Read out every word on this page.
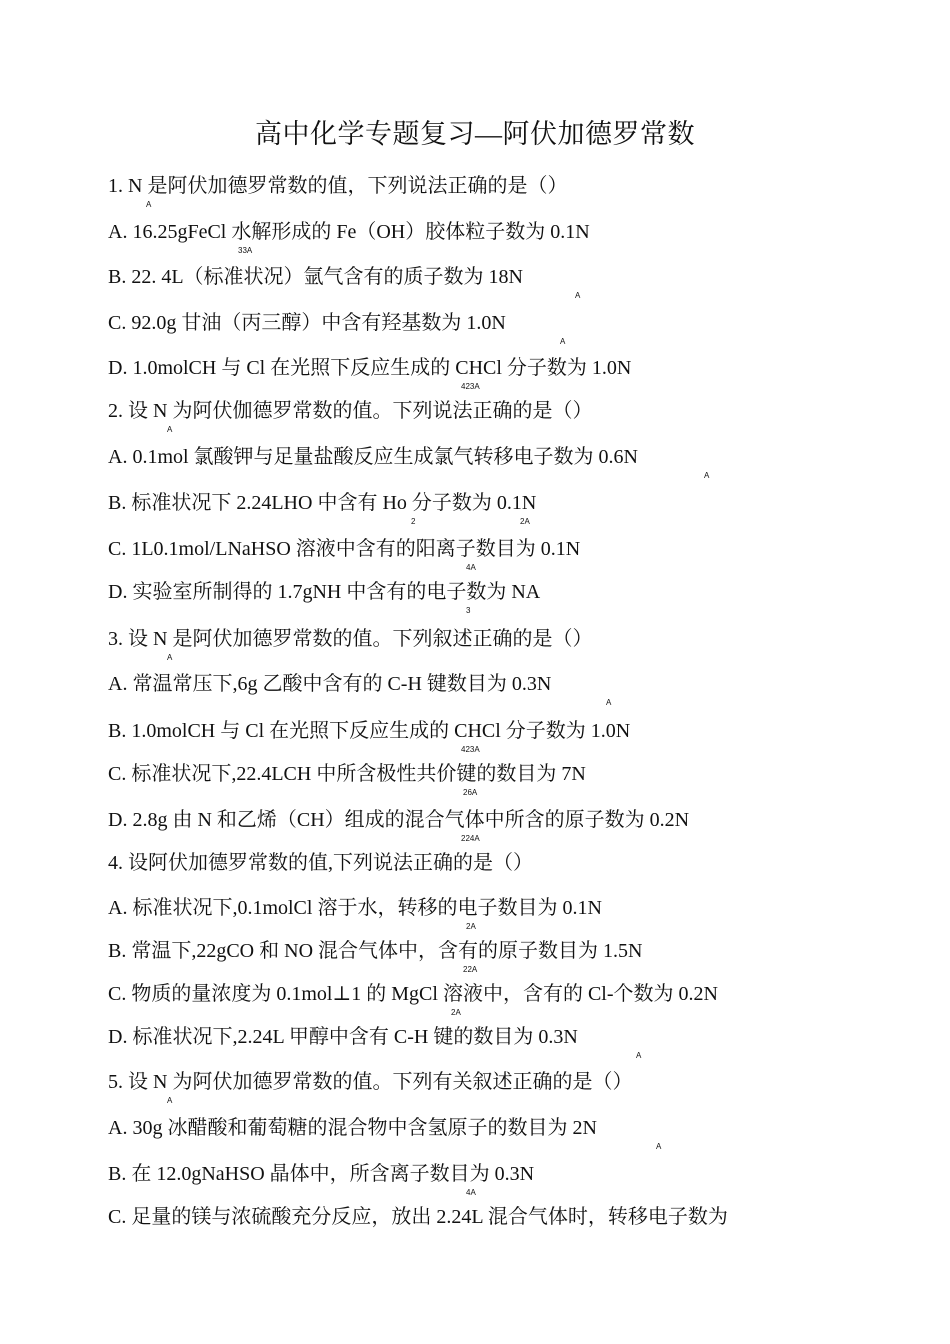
高中化学专题复习—阿伏加德罗常数
1. N 是阿伏加德罗常数的值，下列说法正确的是（）
A
A. 16.25gFeCl 水解形成的 Fe（OH）胶体粒子数为 0.1N
33A
B. 22. 4L（标准状况）氩气含有的质子数为 18N
A
C. 92.0g 甘油（丙三醇）中含有羟基数为 1.0N
A
D. 1.0molCH 与 Cl 在光照下反应生成的 CHCl 分子数为 1.0N
423A
2. 设 N 为阿伏伽德罗常数的值。下列说法正确的是（）
A
A. 0.1mol 氯酸钾与足量盐酸反应生成氯气转移电子数为 0.6N
A
B. 标准状况下 2.24LHO 中含有 Ho 分子数为 0.1N
2	2A
C. 1L0.1mol/LNaHSO 溶液中含有的阳离子数目为 0.1N
4A
D. 实验室所制得的 1.7gNH 中含有的电子数为 NA
3
3. 设 N 是阿伏加德罗常数的值。下列叙述正确的是（）
A
A. 常温常压下,6g 乙酸中含有的 C-H 键数目为 0.3N
A
B. 1.0molCH 与 Cl 在光照下反应生成的 CHCl 分子数为 1.0N
423A
C. 标准状况下,22.4LCH 中所含极性共价键的数目为 7N
26A
D. 2.8g 由 N 和乙烯（CH）组成的混合气体中所含的原子数为 0.2N
224A
4. 设阿伏加德罗常数的值,下列说法正确的是（）
A. 标准状况下,0.1molCl 溶于水，转移的电子数目为 0.1N
2A
B. 常温下,22gCO 和 NO 混合气体中，含有的原子数目为 1.5N
22A
C. 物质的量浓度为 0.1mol⊥1 的 MgCl 溶液中，含有的 Cl-个数为 0.2N
2A
D. 标准状况下,2.24L 甲醇中含有 C-H 键的数目为 0.3N
A
5. 设 N 为阿伏加德罗常数的值。下列有关叙述正确的是（）
A
A. 30g 冰醋酸和葡萄糖的混合物中含氢原子的数目为 2N
A
B. 在 12.0gNaHSO 晶体中，所含离子数目为 0.3N
4A
C. 足量的镁与浓硫酸充分反应，放出 2.24L 混合气体时，转移电子数为
